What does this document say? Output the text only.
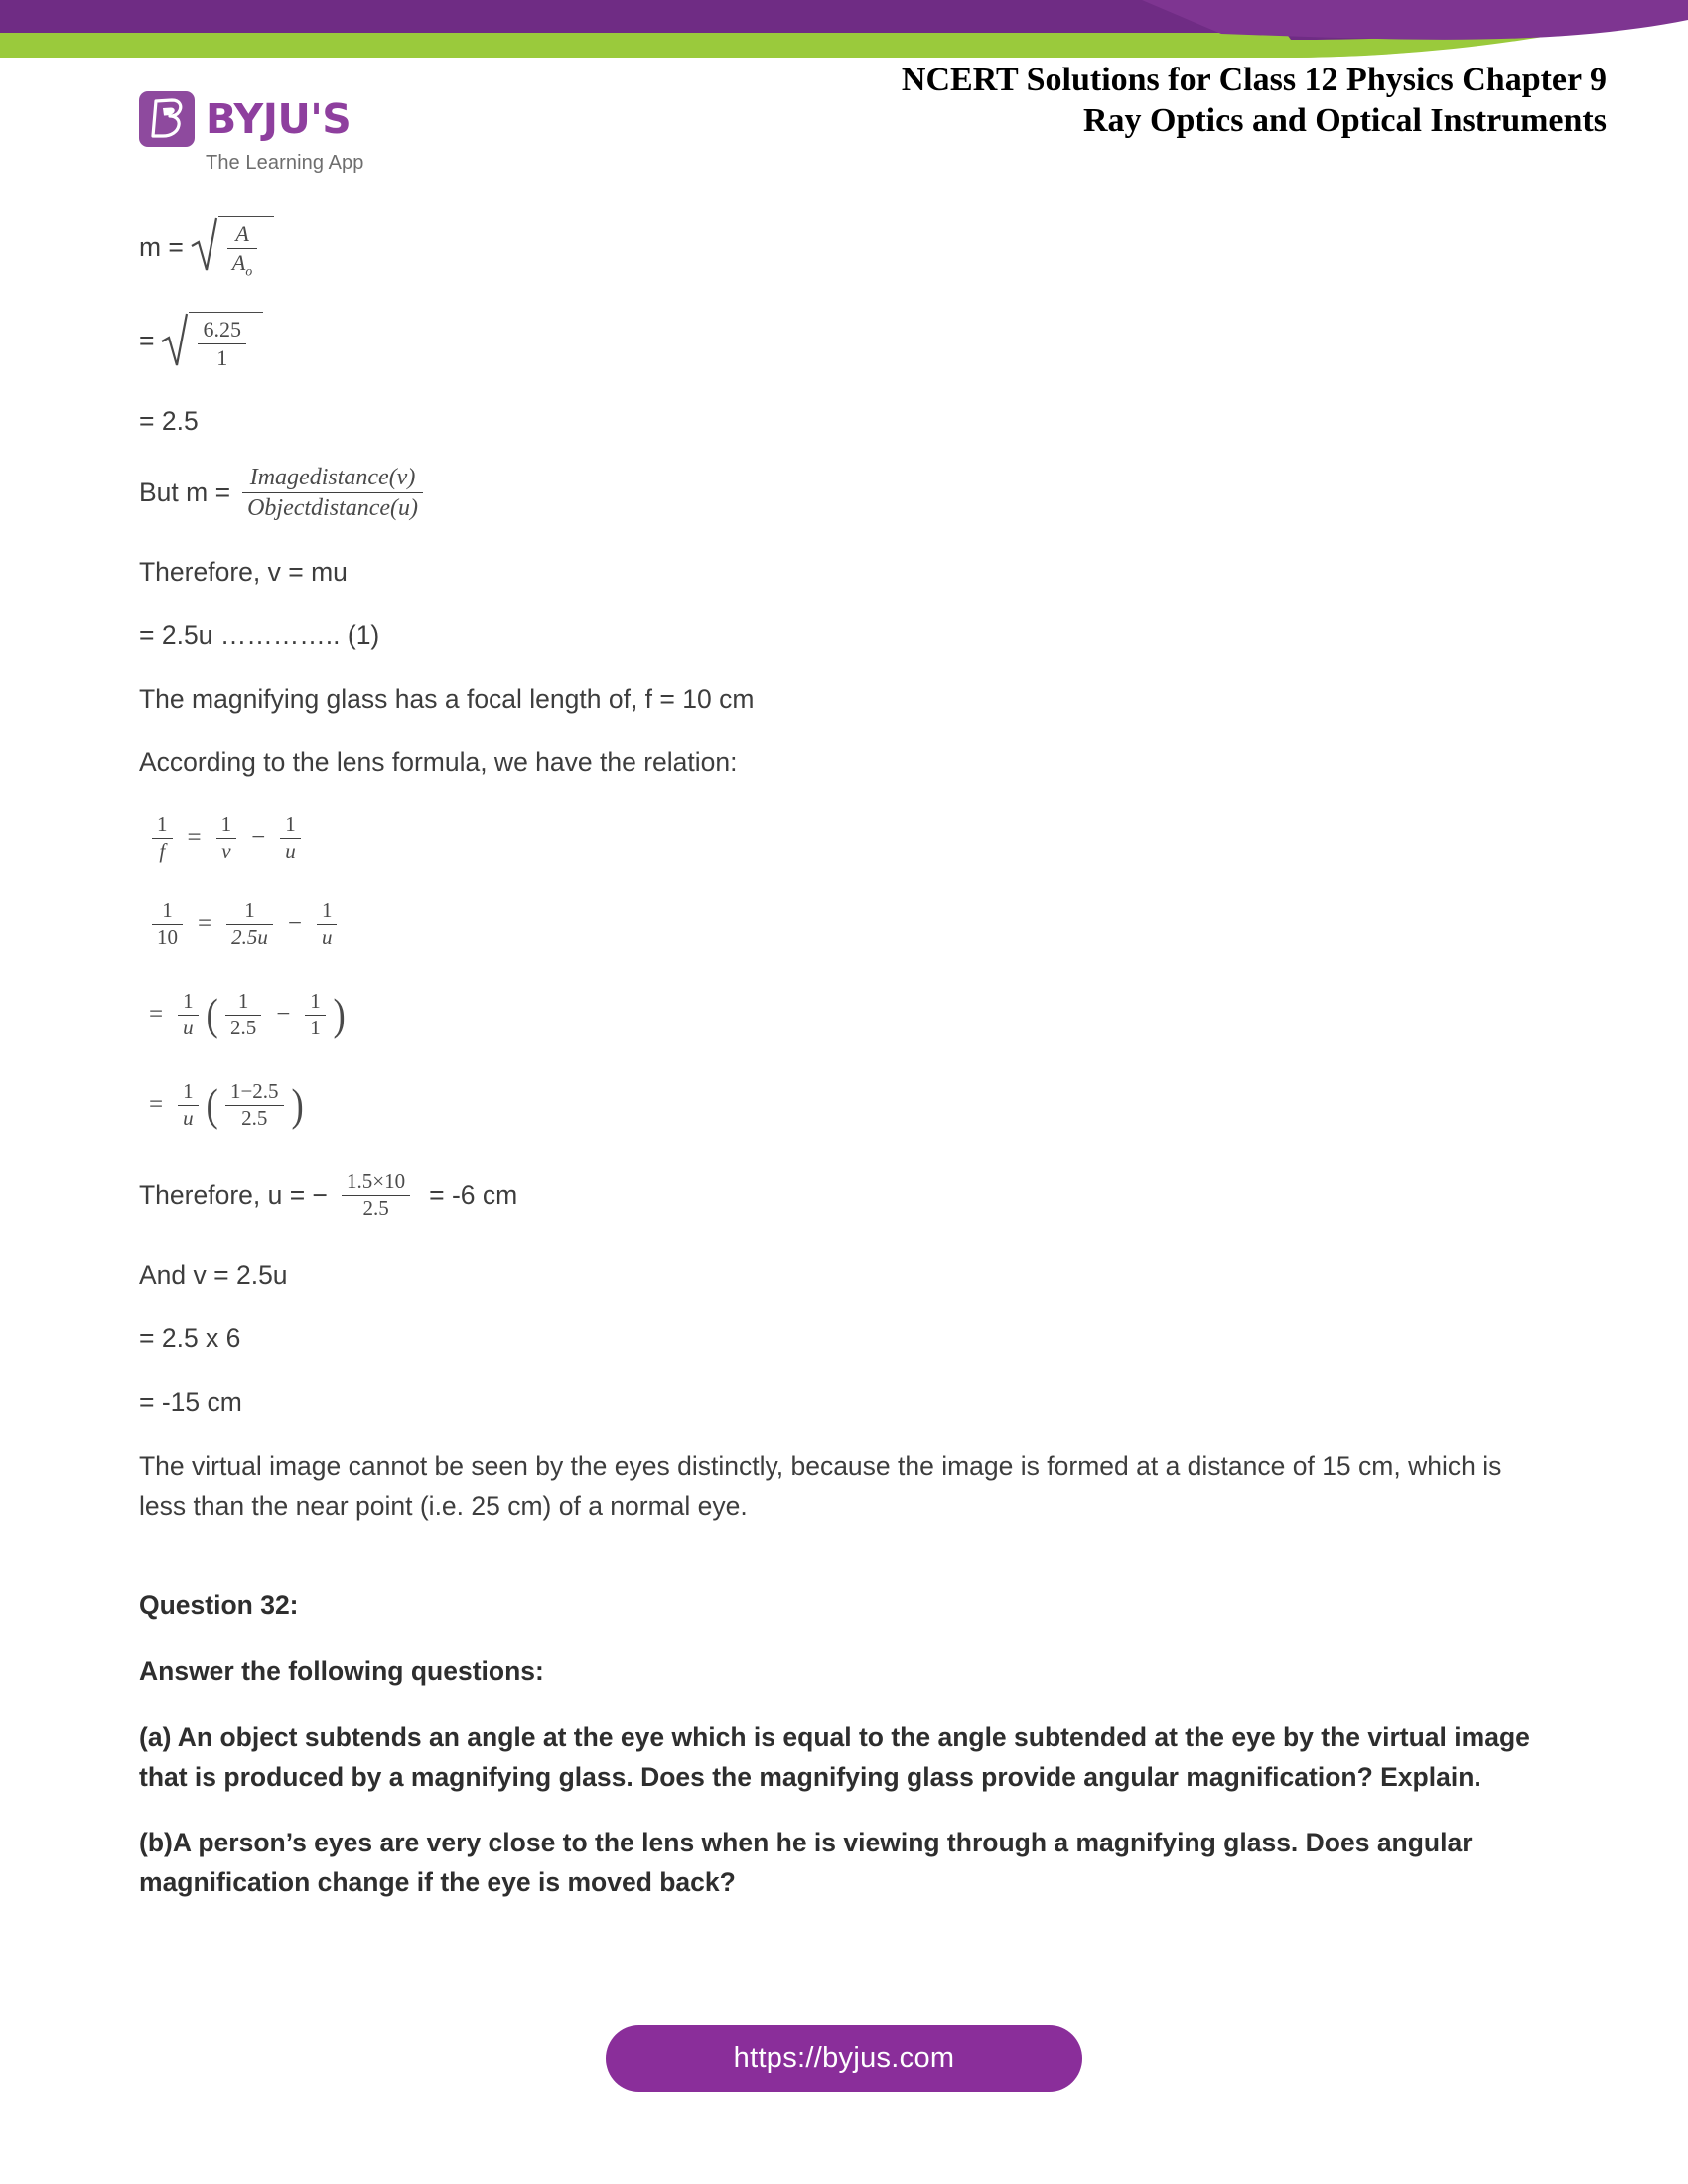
BYJU'S
The Learning App
NCERT Solutions for Class 12 Physics Chapter 9
Ray Optics and Optical Instruments
$m = \frac{A}{A_o}$
= $\frac{6.25}{1}$

= 2.5

But $m = \frac{\text{Imagedistance(v)}}{\text{Objectdistance(u)}}$

Therefore, v = mu

= 2.5u ………….. (1)

The magnifying glass has a focal length of, f = 10 cm

According to the lens formula, we have the relation:

$\frac{1}{f} = \frac{1}{v} - \frac{1}{u}$
$\frac{1}{10} = \frac{1}{2.5u} - \frac{1}{u}$
= $\frac{1}{u}$ ( $\frac{1}{2.5} - \frac{1}{1}$ )
= $\frac{1}{u}$ ( $\frac{1-2.5}{2.5}$ )
Therefore, u = − $\frac{1.5\times 10}{2.5} = -6$ cm

And v = 2.5u

= 2.5 x 6

= -15 cm

The virtual image cannot be seen by the eyes distinctly, because the image is formed at a distance of 15 cm, which is less than the near point (i.e. 25 cm) of a normal eye.

Question 32:

Answer the following questions:

(a) An object subtends an angle at the eye which is equal to the angle subtended at the eye by the virtual image that is produced by a magnifying glass. Does the magnifying glass provide angular magnification? Explain.

(b)A person’s eyes are very close to the lens when he is viewing through a magnifying glass. Does angular magnification change if the eye is moved back?

https://byjus.com
